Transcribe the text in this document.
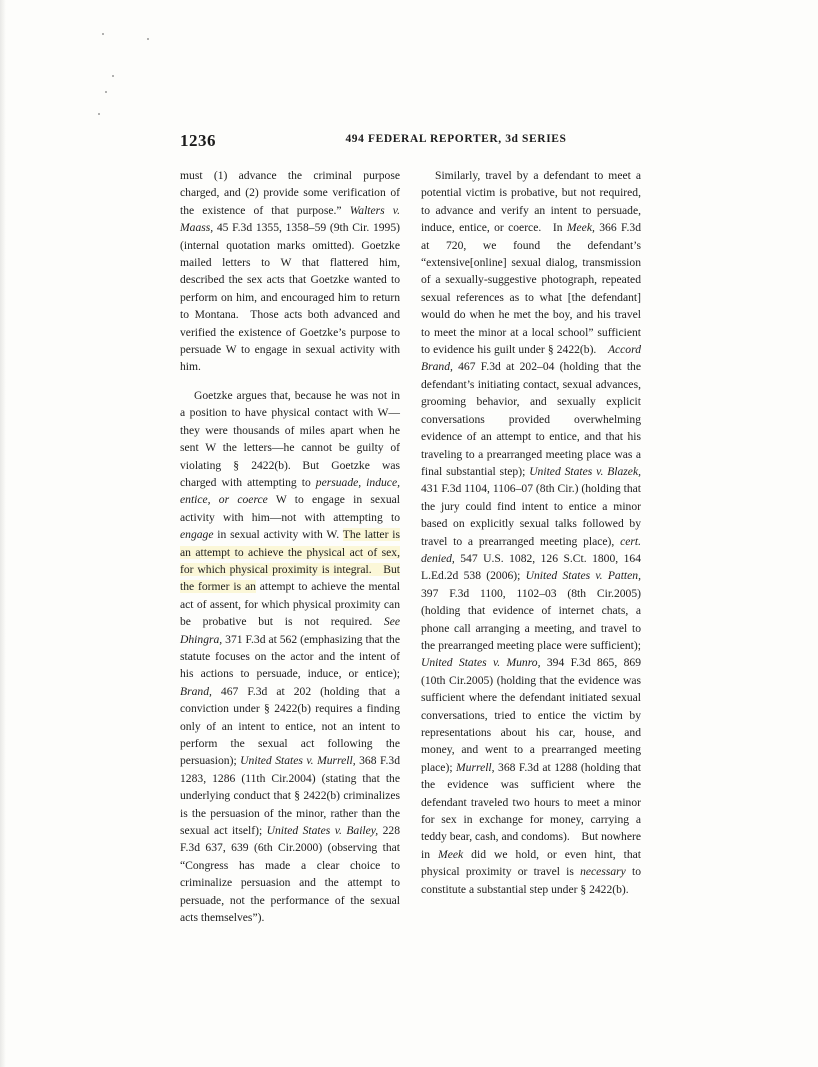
1236	494 FEDERAL REPORTER, 3d SERIES

must (1) advance the criminal purpose charged, and (2) provide some verification of the existence of that purpose.” Walters v. Maass, 45 F.3d 1355, 1358–59 (9th Cir. 1995) (internal quotation marks omitted). Goetzke mailed letters to W that flattered him, described the sex acts that Goetzke wanted to perform on him, and encouraged him to return to Montana. Those acts both advanced and verified the existence of Goetzke’s purpose to persuade W to engage in sexual activity with him.

Goetzke argues that, because he was not in a position to have physical contact with W—they were thousands of miles apart when he sent W the letters—he cannot be guilty of violating § 2422(b). But Goetzke was charged with attempting to persuade, induce, entice, or coerce W to engage in sexual activity with him—not with attempting to engage in sexual activity with W. The latter is an attempt to achieve the physical act of sex, for which physical proximity is integral. But the former is an attempt to achieve the mental act of assent, for which physical proximity can be probative but is not required. See Dhingra, 371 F.3d at 562 (emphasizing that the statute focuses on the actor and the intent of his actions to persuade, induce, or entice); Brand, 467 F.3d at 202 (holding that a conviction under § 2422(b) requires a finding only of an intent to entice, not an intent to perform the sexual act following the persuasion); United States v. Murrell, 368 F.3d 1283, 1286 (11th Cir.2004) (stating that the underlying conduct that § 2422(b) criminalizes is the persuasion of the minor, rather than the sexual act itself); United States v. Bailey, 228 F.3d 637, 639 (6th Cir.2000) (observing that “Congress has made a clear choice to criminalize persuasion and the attempt to persuade, not the performance of the sexual acts themselves”).

Similarly, travel by a defendant to meet a potential victim is probative, but not required, to advance and verify an intent to persuade, induce, entice, or coerce. In Meek, 366 F.3d at 720, we found the defendant’s “extensive[online] sexual dialog, transmission of a sexually-suggestive photograph, repeated sexual references as to what [the defendant] would do when he met the boy, and his travel to meet the minor at a local school” sufficient to evidence his guilt under § 2422(b). Accord Brand, 467 F.3d at 202–04 (holding that the defendant’s initiating contact, sexual advances, grooming behavior, and sexually explicit conversations provided overwhelming evidence of an attempt to entice, and that his traveling to a prearranged meeting place was a final substantial step); United States v. Blazek, 431 F.3d 1104, 1106–07 (8th Cir.) (holding that the jury could find intent to entice a minor based on explicitly sexual talks followed by travel to a prearranged meeting place), cert. denied, 547 U.S. 1082, 126 S.Ct. 1800, 164 L.Ed.2d 538 (2006); United States v. Patten, 397 F.3d 1100, 1102–03 (8th Cir.2005) (holding that evidence of internet chats, a phone call arranging a meeting, and travel to the prearranged meeting place were sufficient); United States v. Munro, 394 F.3d 865, 869 (10th Cir.2005) (holding that the evidence was sufficient where the defendant initiated sexual conversations, tried to entice the victim by representations about his car, house, and money, and went to a prearranged meeting place); Murrell, 368 F.3d at 1288 (holding that the evidence was sufficient where the defendant traveled two hours to meet a minor for sex in exchange for money, carrying a teddy bear, cash, and condoms). But nowhere in Meek did we hold, or even hint, that physical proximity or travel is necessary to constitute a substantial step under § 2422(b).
